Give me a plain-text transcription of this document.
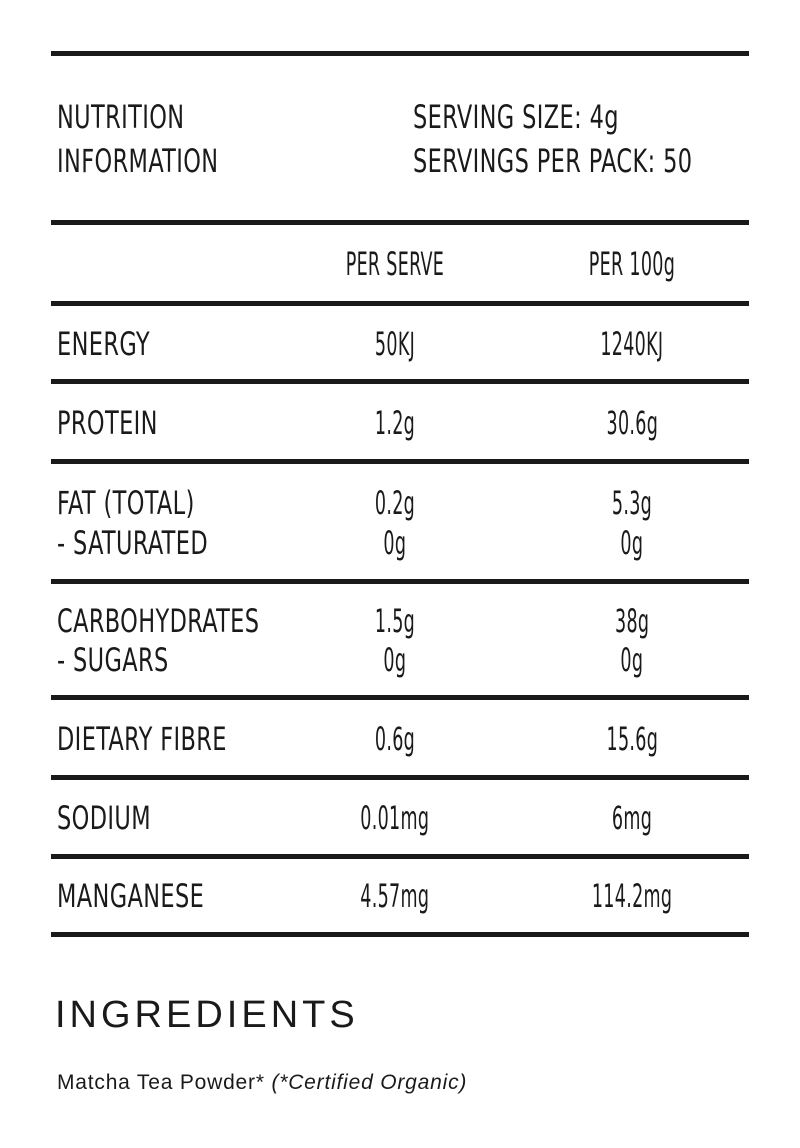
NUTRITION
INFORMATION
SERVING SIZE: 4g
SERVINGS PER PACK: 50
PER SERVE	PER 100g
ENERGY	50KJ	1240KJ
PROTEIN	1.2g	30.6g
FAT (TOTAL)	0.2g	5.3g
- SATURATED	0g	0g
CARBOHYDRATES	1.5g	38g
- SUGARS	0g	0g
DIETARY FIBRE	0.6g	15.6g
SODIUM	0.01mg	6mg
MANGANESE	4.57mg	114.2mg
INGREDIENTS
Matcha Tea Powder* (*Certified Organic)
